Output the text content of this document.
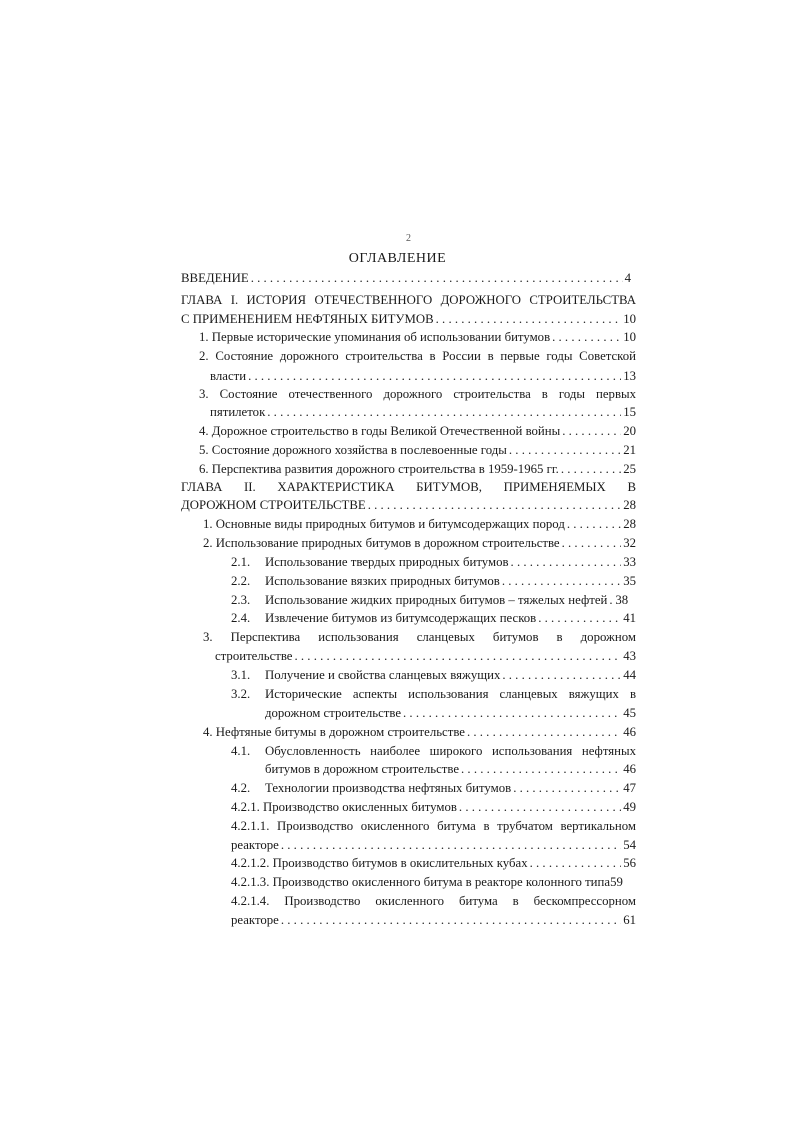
2
ОГЛАВЛЕНИЕ
ВВЕДЕНИЕ . . .	4
ГЛАВА I. ИСТОРИЯ ОТЕЧЕСТВЕННОГО ДОРОЖНОГО СТРОИТЕЛЬСТВА
С ПРИМЕНЕНИЕМ НЕФТЯНЫХ БИТУМОВ . . .	10
1. Первые исторические упоминания об использовании битумов . . .	10
2. Состояние дорожного строительства в России в первые годы Советской
власти . . .	13
3. Состояние отечественного дорожного строительства в годы первых
пятилеток . . .	15
4. Дорожное строительство в годы Великой Отечественной войны . . .	20
5. Состояние дорожного хозяйства в послевоенные годы . . .	21
6. Перспектива развития дорожного строительства в 1959-1965 гг. . . .	25
ГЛАВА II. ХАРАКТЕРИСТИКА БИТУМОВ, ПРИМЕНЯЕМЫХ В
ДОРОЖНОМ СТРОИТЕЛЬСТВЕ . . .	28
1. Основные виды природных битумов и битумсодержащих пород . . .	28
2. Использование природных битумов в дорожном строительстве . . .	32
2.1.	Использование твердых природных битумов . . .	33
2.2.	Использование вязких природных битумов . . .	35
2.3.	Использование жидких природных битумов – тяжелых нефтей . . . 38
2.4.	Извлечение битумов из битумсодержащих песков . . .	41
3. Перспектива использования сланцевых битумов в дорожном
строительстве . . .	43
3.1.	Получение и свойства сланцевых вяжущих . . .	44
3.2.	Исторические аспекты использования сланцевых вяжущих в
дорожном строительстве . . .	45
4. Нефтяные битумы в дорожном строительстве . . .	46
4.1.	Обусловленность наиболее широкого использования нефтяных
битумов в дорожном строительстве . . .	46
4.2.	Технологии производства нефтяных битумов . . .	47
4.2.1. Производство окисленных битумов . . .	49
4.2.1.1. Производство окисленного битума в трубчатом вертикальном
реакторе . . .	54
4.2.1.2. Производство битумов в окислительных кубах . . .	56
4.2.1.3. Производство окисленного битума в реакторе колонного типа 59
4.2.1.4. Производство окисленного битума в бескомпрессорном
реакторе . . .	61
